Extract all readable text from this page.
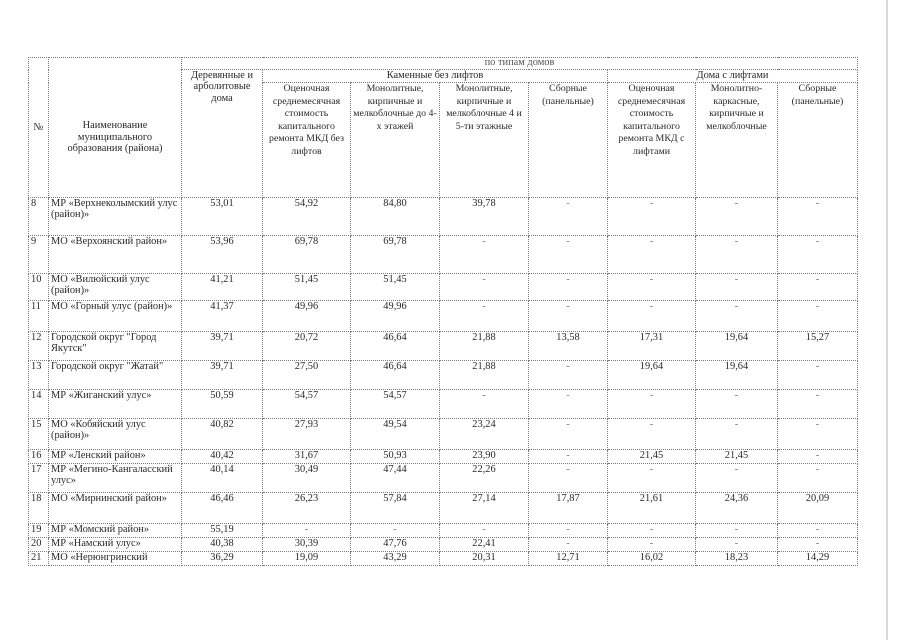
№	Наименование муниципального образования (района)	по типам домов							
		Деревянные и арболитовые дома	Каменные без лифтов				Дома с лифтами		
			Оценочная среднемесячная стоимость капитального ремонта МКД без лифтов	Монолитные, кирпичные и мелкоблочные до 4-х этажей	Монолитные, кирпичные и мелкоблочные 4 и 5-ти этажные	Сборные (панельные)	Оценочная среднемесячная стоимость капитального ремонта МКД с лифтами	Монолитно-каркасные, кирпичные и мелкоблочные	Сборные (панельные)
8	МР «Верхнеколымский улус (район)»	53,01	54,92	84,80	39,78	-	-	-	-
9	МО «Верхоянский район»	53,96	69,78	69,78	-	-	-	-	-
10	МО «Вилюйский улус (район)»	41,21	51,45	51,45	-	-	-	-	-
11	МО «Горный улус (район)»	41,37	49,96	49,96	-	-	-	-	-
12	Городской округ "Город Якутск"	39,71	20,72	46,64	21,88	13,58	17,31	19,64	15,27
13	Городской округ "Жатай"	39,71	27,50	46,64	21,88	-	19,64	19,64	-
14	МР «Жиганский улус»	50,59	54,57	54,57	-	-	-	-	-
15	МО «Кобяйский улус (район)»	40,82	27,93	49,54	23,24	-	-	-	-
16	МР «Ленский район»	40,42	31,67	50,93	23,90	-	21,45	21,45	-
17	МР «Мегино-Кангаласский улус»	40,14	30,49	47,44	22,26	-	-	-	-
18	МО «Мирнинский район»	46,46	26,23	57,84	27,14	17,87	21,61	24,36	20,09
19	МР «Момский район»	55,19	-	-	-	-	-	-	-
20	МР «Намский улус»	40,38	30,39	47,76	22,41	-	-	-	-
21	МО «Нерюнгринский	36,29	19,09	43,29	20,31	12,71	16,02	18,23	14,29
